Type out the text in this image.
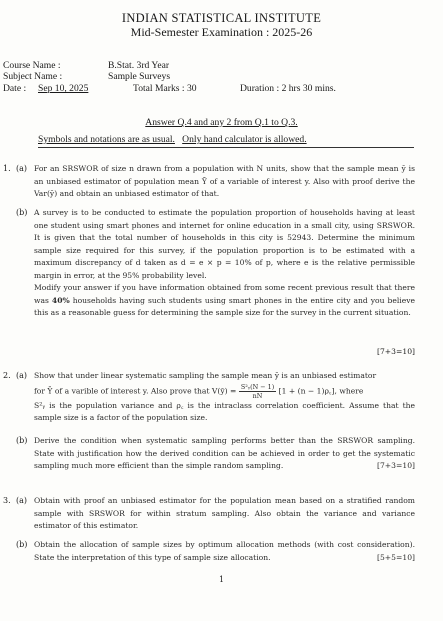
INDIAN STATISTICAL INSTITUTE
Mid-Semester Examination : 2025-26
Course Name :	B.Stat. 3rd Year
Subject Name :	Sample Surveys
Date : Sep 10, 2025	Total Marks : 30	Duration : 2 hrs 30 mins.
Answer Q.4 and any 2 from Q.1 to Q.3.
Symbols and notations are as usual. Only hand calculator is allowed.
1. (a) For an SRSWOR of size n drawn from a population with N units, show that the sample mean ȳ is an unbiased estimator of population mean Ȳ of a variable of interest y. Also with proof derive the Var(ȳ) and obtain an unbiased estimator of that.
(b) A survey is to be conducted to estimate the population proportion of households having at least one student using smart phones and internet for online education in a small city, using SRSWOR. It is given that the total number of households in this city is 52943. Determine the minimum sample size required for this survey, if the population proportion is to be estimated with a maximum discrepancy of d taken as d = e × p = 10% of p, where e is the relative permissible margin in error, at the 95% probability level.

Modify your answer if you have information obtained from some recent previous result that there was 40% households having such students using smart phones in the entire city and you believe this as a reasonable guess for determining the sample size for the survey in the current situation.

[7+3=10]
2. (a) Show that under linear systematic sampling the sample mean ȳ is an unbiased estimator

for Ȳ of a varible of interest y. Also prove that V(ȳ) = $\frac{\text{S²ᵧ(N − 1)}}{nN} [1 + (n$ − 1)ρ꜀], where

S²ᵧ is the population variance and ρ꜀ is the intraclass correlation coefficient. Assume that the sample size is a factor of the population size.

(b) Derive the condition when systematic sampling performs better than the SRSWOR sampling. State with justification how the derived condition can be achieved in order to get the systematic sampling much more efficient than the simple random sampling.	[7+3=10]
3. (a) Obtain with proof an unbiased estimator for the population mean based on a stratified random sample with SRSWOR for within stratum sampling. Also obtain the variance and variance estimator of this estimator.
(b) Obtain the allocation of sample sizes by optimum allocation methods (with cost consideration). State the interpretation of this type of sample size allocation.	[5+5=10]
1
